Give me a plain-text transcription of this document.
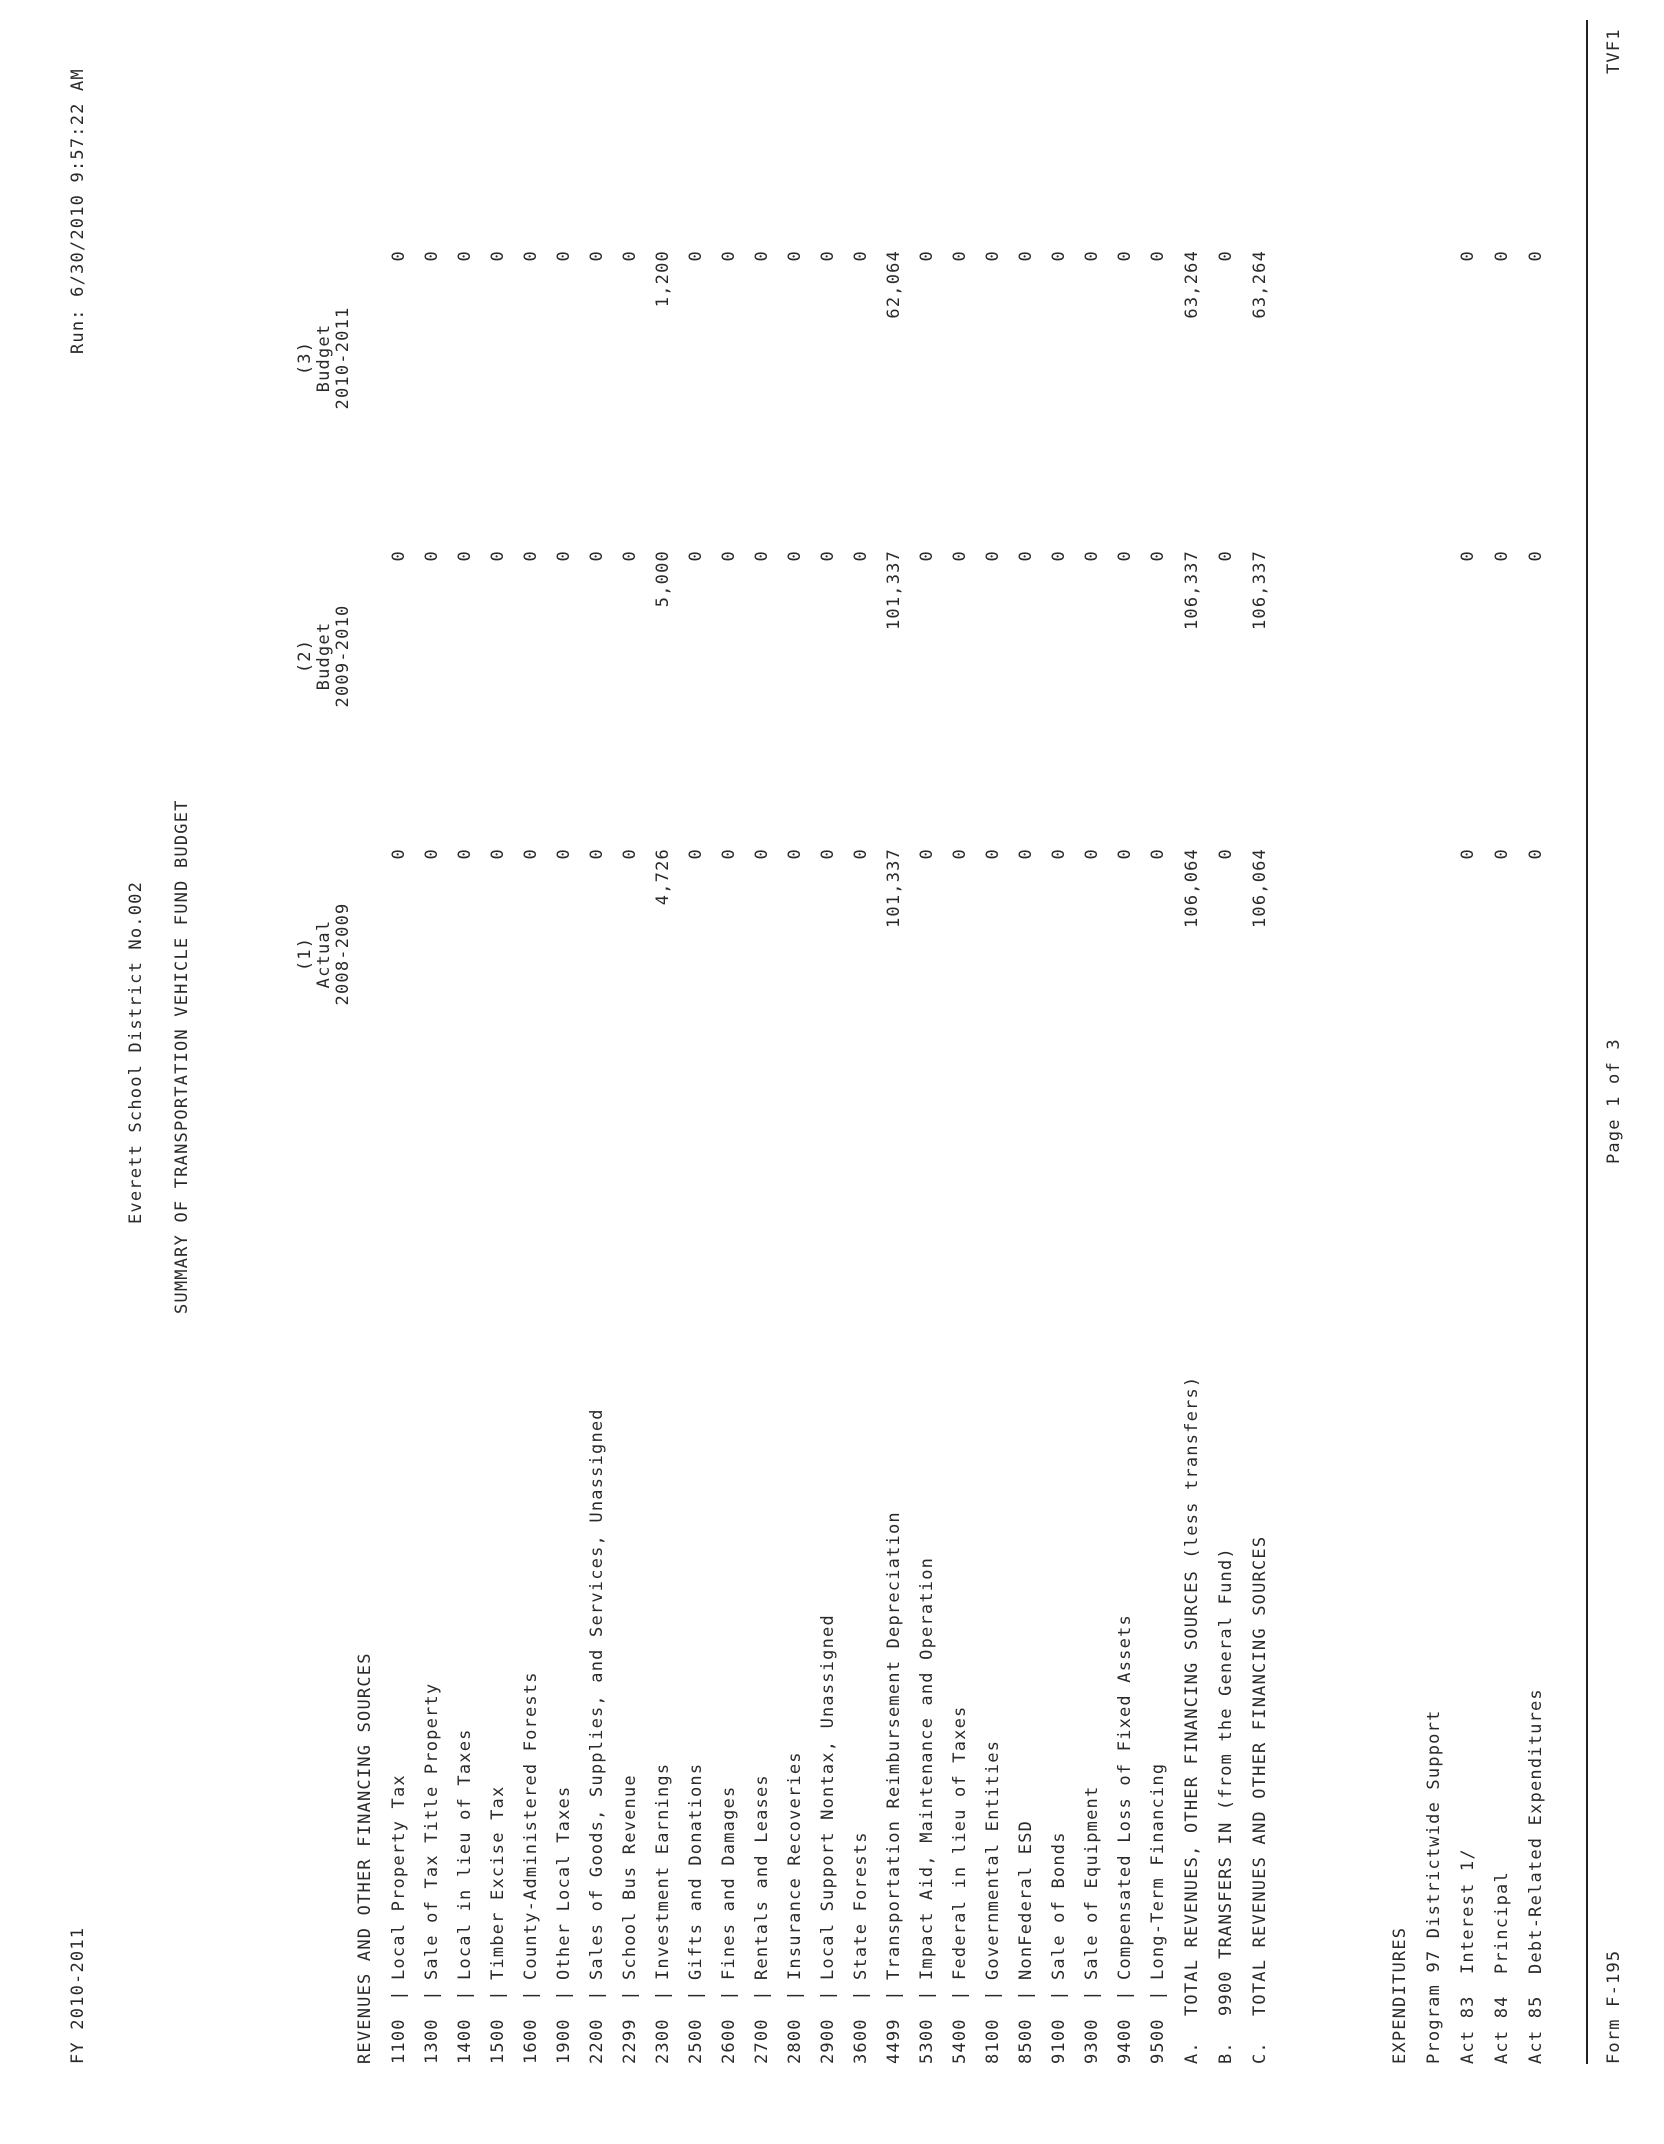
FY 2010-2011
Everett School District No.002 SUMMARY OF TRANSPORTATION VEHICLE FUND BUDGET
Run: 6/30/2010 9:57:22 AM
(1) Actual 2008-2009
(2) Budget 2009-2010
(3) Budget 2010-2011
REVENUES AND OTHER FINANCING SOURCES 1100
Local Property Tax
0
0
0
|
1300
Sale of Tax Title Property
0
0
0
|
1400
Local in lieu of Taxes
0
0
0
|
1500
Timber Excise Tax
0
0
0
|
1600
County-Administered Forests
0
0
0
|
1900
Other Local Taxes
0
0
0
|
2200
Sales of Goods, Supplies, and Services, Unassigned
0
0
0
|
2299
School Bus Revenue
0
0
0
|
2300
Investment Earnings
4,726
5,000
1,200
|
2500
Gifts and Donations
0
0
0
|
2600
Fines and Damages
0
0
0
|
2700
Rentals and Leases
0
0
0
|
2800
Insurance Recoveries
0
0
0
|
2900
Local Support Nontax, Unassigned
0
0
0
|
3600
State Forests
0
0
0
|
4499
Transportation Reimbursement Depreciation
101,337
101,337
62,064
|
5300
Impact Aid, Maintenance and Operation
0
0
0
|
5400
Federal in lieu of Taxes
0
0
0
|
8100
Governmental Entities
0
0
0
|
8500
NonFederal ESD
0
0
0
|
9100
Sale of Bonds
0
0
0
|
9300
Sale of Equipment
0
0
0
|
9400
Compensated Loss of Fixed Assets
0
0
0
|
9500
Long-Term Financing
0
0
0
|
A.
TOTAL REVENUES, OTHER FINANCING SOURCES (less transfers)
106,064
106,337
63,264
B.
9900 TRANSFERS IN (from the General Fund)
0
0
0
C.
TOTAL REVENUES AND OTHER FINANCING SOURCES
106,064
106,337
63,264
EXPENDITURES Program 97 Districtwide Support Act 83
Interest 1/
0
0
0
Act 84
Principal
0
0
0
Act 85
Debt-Related Expenditures
0
0
0
Form F-195
Page 1 of 3
TVF1
